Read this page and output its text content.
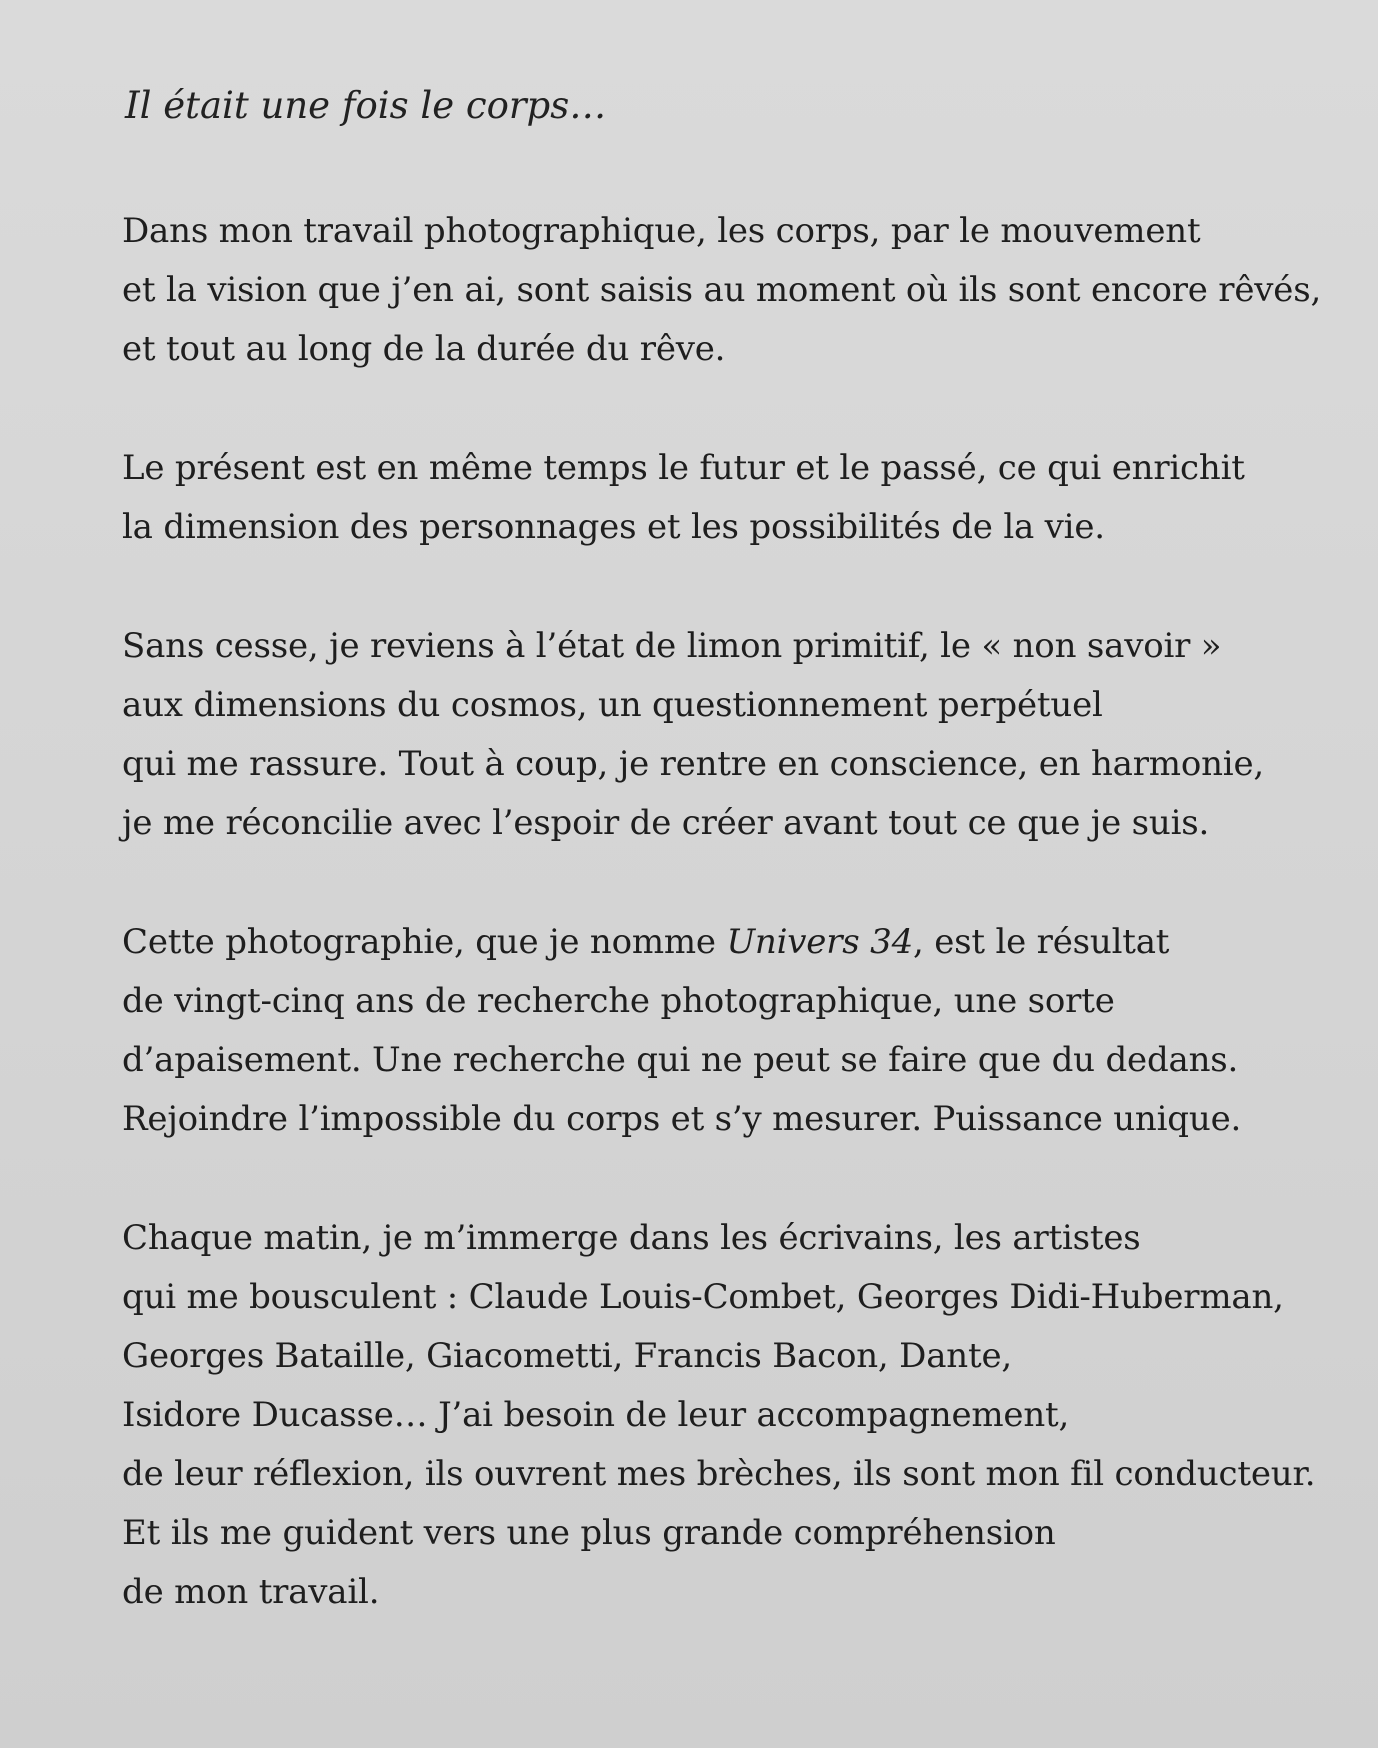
Il était une fois le corps…

Dans mon travail photographique, les corps, par le mouvement
et la vision que j’en ai, sont saisis au moment où ils sont encore rêvés,
et tout au long de la durée du rêve.

Le présent est en même temps le futur et le passé, ce qui enrichit
la dimension des personnages et les possibilités de la vie.

Sans cesse, je reviens à l’état de limon primitif, le « non savoir »
aux dimensions du cosmos, un questionnement perpétuel
qui me rassure. Tout à coup, je rentre en conscience, en harmonie,
je me réconcilie avec l’espoir de créer avant tout ce que je suis.

Cette photographie, que je nomme Univers 34, est le résultat
de vingt-cinq ans de recherche photographique, une sorte
d’apaisement. Une recherche qui ne peut se faire que du dedans.
Rejoindre l’impossible du corps et s’y mesurer. Puissance unique.

Chaque matin, je m’immerge dans les écrivains, les artistes
qui me bousculent : Claude Louis-Combet, Georges Didi-Huberman,
Georges Bataille, Giacometti, Francis Bacon, Dante,
Isidore Ducasse… J’ai besoin de leur accompagnement,
de leur réflexion, ils ouvrent mes brèches, ils sont mon fil conducteur.
Et ils me guident vers une plus grande compréhension
de mon travail.
